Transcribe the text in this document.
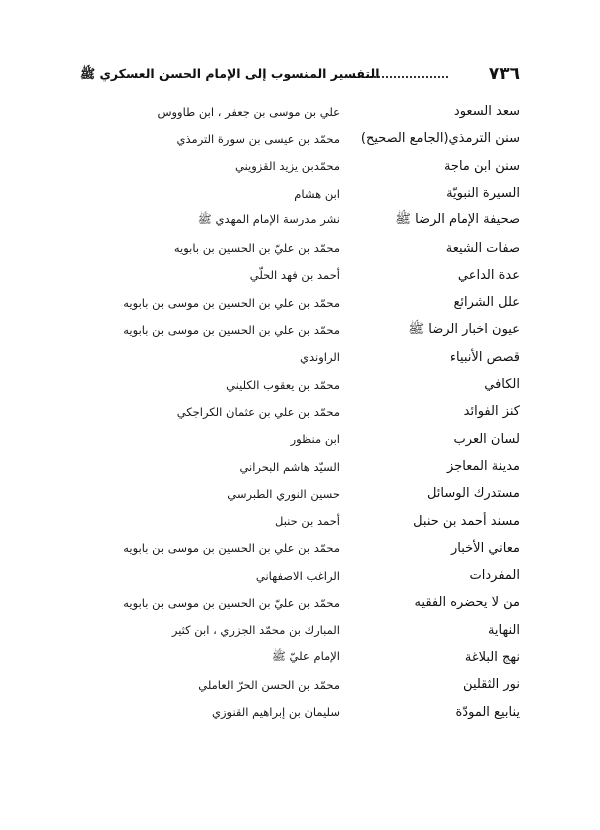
٧٣٦
التفسير المنسوب إلى الإمام الحسن العسكري ﷺ
سعد السعود
علي بن موسى بن جعفر ، ابن طاووس
سنن الترمذي(الجامع الصحيح)
محمّد بن عيسى بن سورة الترمذي
سنن ابن ماجة
محمّدبن يزيد القزويني
السيرة النبويّة
ابن هشام
صحيفة الإمام الرضا ﷺ
نشر مدرسة الإمام المهدي ﷺ
صفات الشيعة
محمّد بن عليّ بن الحسين بن بابويه
عدة الداعي
أحمد بن فهد الحلّي
علل الشرائع
محمّد بن علي بن الحسين بن موسى بن بابويه
عيون اخبار الرضا ﷺ
محمّد بن علي بن الحسين بن موسى بن بابويه
قصص الأنبياء
الراوندي
الكافي
محمّد بن يعقوب الكليني
كنز الفوائد
محمّد بن علي بن عثمان الكراجكي
لسان العرب
ابن منظور
مدينة المعاجز
السيّد هاشم البحراني
مستدرك الوسائل
حسين النوري الطبرسي
مسند أحمد بن حنبل
أحمد بن حنبل
معاني الأخبار
محمّد بن علي بن الحسين بن موسى بن بابويه
المفردات
الراغب الاصفهاني
من لا يحضره الفقيه
محمّد بن عليّ بن الحسين بن موسى بن بابويه
النهاية
المبارك بن محمّد الجزري ، ابن كثير
نهج البلاغة
الإمام عليّ ﷺ
نور الثقلين
محمّد بن الحسن الحرّ العاملي
ينابيع المودّة
سليمان بن إبراهيم القنوزي
